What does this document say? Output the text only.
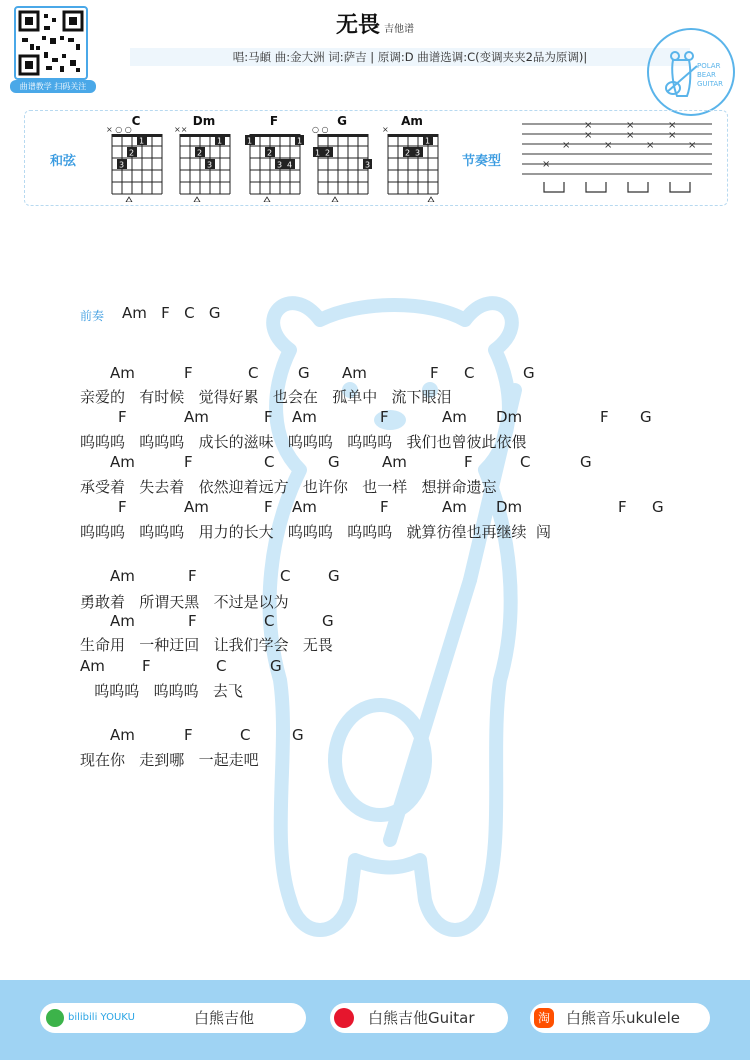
曲谱教学 扫码关注
无畏 吉他谱
唱:马頔 曲:金大洲 词:萨吉 | 原调:D 曲谱选调:C(变调夹夹2品为原调)|
POLAR
BEAR
GUITAR
和弦	节奏型
C
× ○ ○
1
2
3
Dm
××
1
2
3
F
1
1
2
3 4
G
○ ○
1 2
3
Am
×
1
2 3
×
×
×
×
×
×
×
×
×
×
×
前奏 Am   F   C   G
Am	F	C	G Am	F C	G
亲爱的   有时候   觉得好累   也会在   孤单中   流下眼泪
F	Am	F Am	F	Am Dm	F G
呜呜呜   呜呜呜   成长的滋味   呜呜呜   呜呜呜   我们也曾彼此依偎
Am	F	C	G	Am	F	C	G
承受着   失去着   依然迎着远方   也许你   也一样   想拼命遗忘
F	Am	F Am	F	Am Dm	F G
呜呜呜   呜呜呜   用力的长大   呜呜呜   呜呜呜   就算彷徨也再继续  闯
Am	F	C	G
勇敢着   所谓天黑   不过是以为
Am	F	C	G
生命用   一种迂回   让我们学会   无畏
Am F	C	G
呜呜呜   呜呜呜   去飞
Am	F	C	G
现在你   走到哪   一起走吧
bilibili YOUKU	白熊吉他	白熊吉他Guitar	淘 白熊音乐ukulele
